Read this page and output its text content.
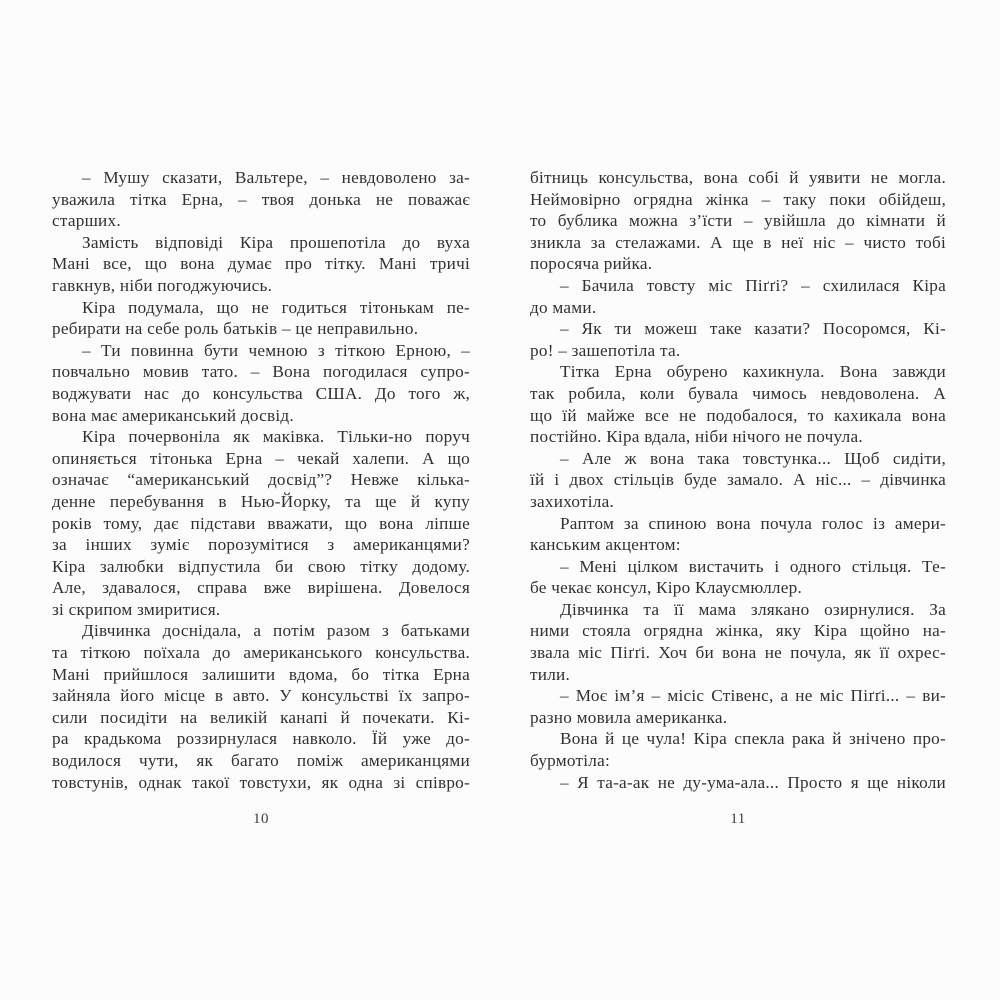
– Мушу сказати, Вальтере, – невдоволено за-
уважила тітка Ерна, – твоя донька не поважає
старших.
Замість відповіді Кіра прошепотіла до вуха
Мані все, що вона думає про тітку. Мані тричі
гавкнув, ніби погоджуючись.
Кіра подумала, що не годиться тітонькам пе-
ребирати на себе роль батьків – це неправильно.
– Ти повинна бути чемною з тіткою Ерною, –
повчально мовив тато. – Вона погодилася супро-
воджувати нас до консульства США. До того ж,
вона має американський досвід.
Кіра почервоніла як маківка. Тільки-но поруч
опиняється тітонька Ерна – чекай халепи. А що
означає “американський досвід”? Невже кілька-
денне перебування в Нью-Йорку, та ще й купу
років тому, дає підстави вважати, що вона ліпше
за інших зуміє порозумітися з американцями?
Кіра залюбки відпустила би свою тітку додому.
Але, здавалося, справа вже вирішена. Довелося
зі скрипом змиритися.
Дівчинка доснідала, а потім разом з батьками
та тіткою поїхала до американського консульства.
Мані прийшлося залишити вдома, бо тітка Ерна
зайняла його місце в авто. У консульстві їх запро-
сили посидіти на великій канапі й почекати. Кі-
ра крадькома роззирнулася навколо. Їй уже до-
водилося чути, як багато поміж американцями
товстунів, однак такої товстухи, як одна зі співро-
10
бітниць консульства, вона собі й уявити не могла.
Неймовірно огрядна жінка – таку поки обійдеш,
то бублика можна з’їсти – увійшла до кімнати й
зникла за стелажами. А ще в неї ніс – чисто тобі
поросяча рийка.
– Бачила товсту міс Піґґі? – схилилася Кіра
до мами.
– Як ти можеш таке казати? Посоромся, Кі-
ро! – зашепотіла та.
Тітка Ерна обурено кахикнула. Вона завжди
так робила, коли бувала чимось невдоволена. А
що їй майже все не подобалося, то кахикала вона
постійно. Кіра вдала, ніби нічого не почула.
– Але ж вона така товстунка... Щоб сидіти,
їй і двох стільців буде замало. А ніс... – дівчинка
захихотіла.
Раптом за спиною вона почула голос із амери-
канським акцентом:
– Мені цілком вистачить і одного стільця. Те-
бе чекає консул, Кіро Клаусмюллер.
Дівчинка та її мама злякано озирнулися. За
ними стояла огрядна жінка, яку Кіра щойно на-
звала міс Піґґі. Хоч би вона не почула, як її охрес-
тили.
– Моє ім’я – місіс Стівенс, а не міс Піґґі... – ви-
разно мовила американка.
Вона й це чула! Кіра спекла рака й знічено про-
бурмотіла:
– Я та-а-ак не ду-ума-ала... Просто я ще ніколи
11
